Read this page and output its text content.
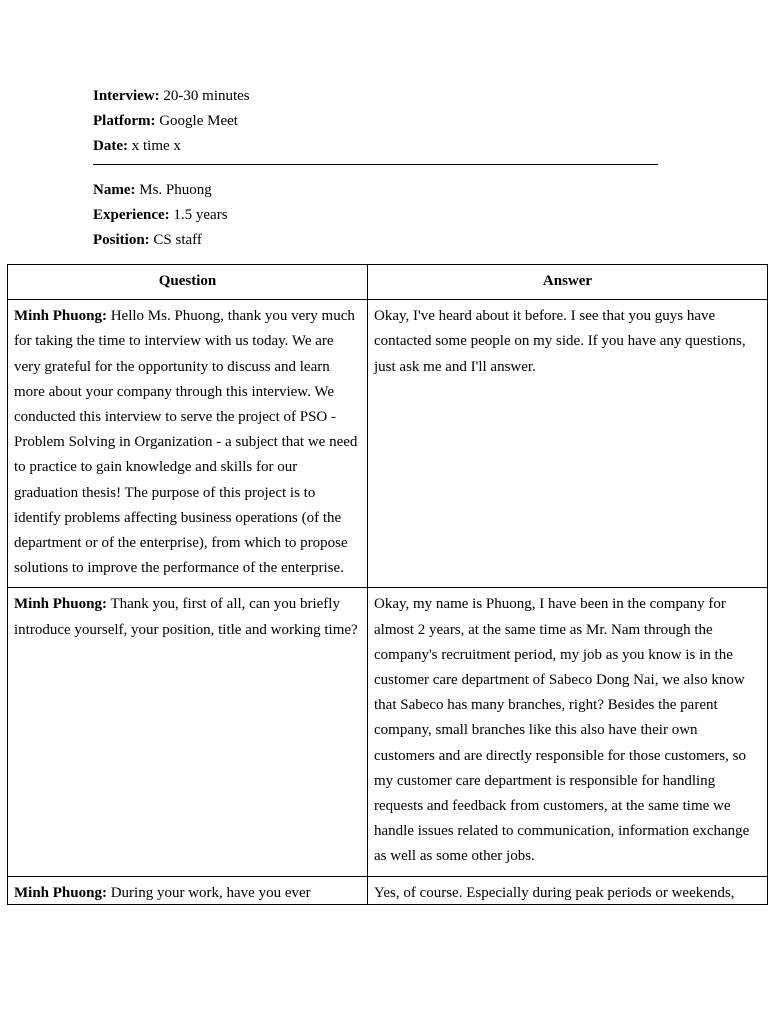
Interview: 20-30 minutes
Platform: Google Meet
Date: x time x
Name: Ms. Phuong
Experience: 1.5 years
Position: CS staff
Question	Answer
Minh Phuong: Hello Ms. Phuong, thank you very much for taking the time to interview with us today. We are very grateful for the opportunity to discuss and learn more about your company through this interview. We conducted this interview to serve the project of PSO - Problem Solving in Organization - a subject that we need to practice to gain knowledge and skills for our graduation thesis! The purpose of this project is to identify problems affecting business operations (of the department or of the enterprise), from which to propose solutions to improve the performance of the enterprise.	Okay, I've heard about it before. I see that you guys have contacted some people on my side. If you have any questions, just ask me and I'll answer.
Minh Phuong: Thank you, first of all, can you briefly introduce yourself, your position, title and working time?	Okay, my name is Phuong, I have been in the company for almost 2 years, at the same time as Mr. Nam through the company's recruitment period, my job as you know is in the customer care department of Sabeco Dong Nai, we also know that Sabeco has many branches, right? Besides the parent company, small branches like this also have their own customers and are directly responsible for those customers, so my customer care department is responsible for handling requests and feedback from customers, at the same time we handle issues related to communication, information exchange as well as some other jobs.

Minh Phuong: During your work, have you ever	Yes, of course. Especially during peak periods or weekends,
